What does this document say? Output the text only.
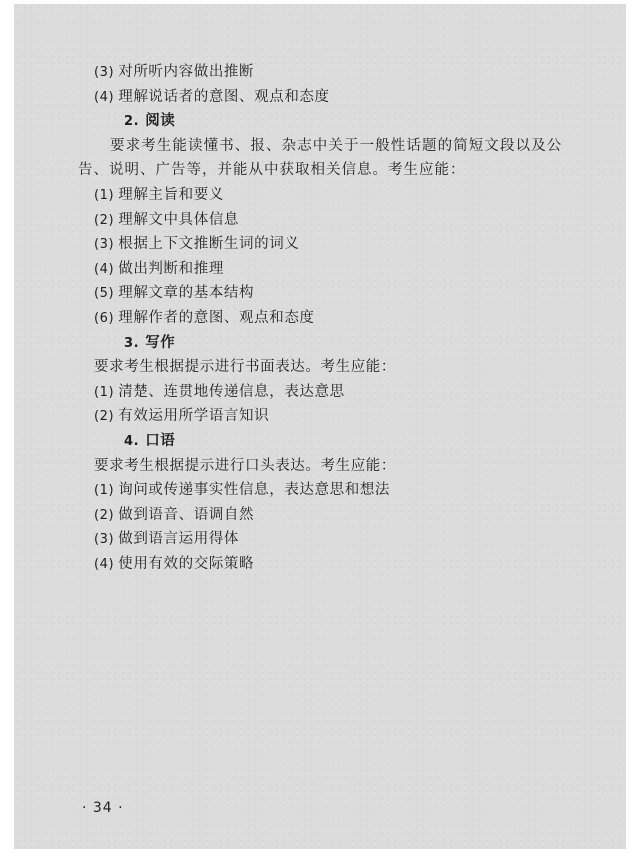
(3) 对所听内容做出推断
(4) 理解说话者的意图、观点和态度
2. 阅读
要求考生能读懂书、报、杂志中关于一般性话题的简短文段以及公
告、说明、广告等，并能从中获取相关信息。考生应能：
(1) 理解主旨和要义
(2) 理解文中具体信息
(3) 根据上下文推断生词的词义
(4) 做出判断和推理
(5) 理解文章的基本结构
(6) 理解作者的意图、观点和态度
3. 写作
要求考生根据提示进行书面表达。考生应能：
(1) 清楚、连贯地传递信息，表达意思
(2) 有效运用所学语言知识
4. 口语
要求考生根据提示进行口头表达。考生应能：
(1) 询问或传递事实性信息，表达意思和想法
(2) 做到语音、语调自然
(3) 做到语言运用得体
(4) 使用有效的交际策略
· 34 ·
